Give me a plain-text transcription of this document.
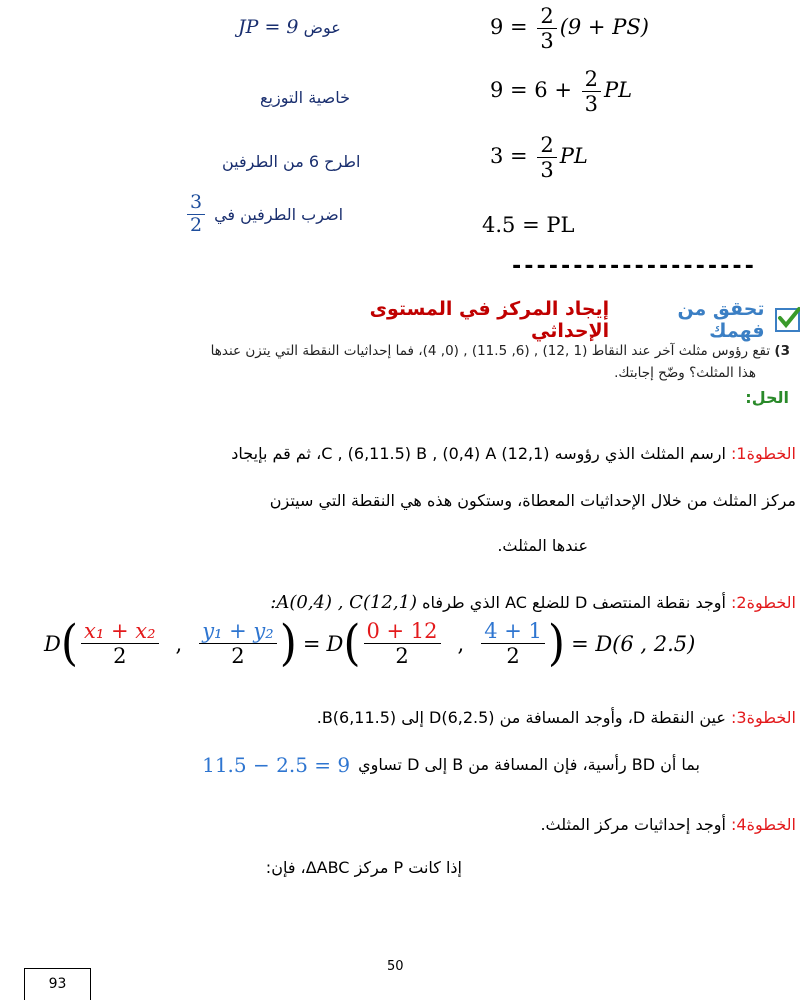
$9 = \frac{2}{3} (9 + PS)$
عوض JP = 9
$9 = 6 + \frac{2}{3}$ PL
خاصية التوزيع
$3 = \frac{2}{3}$ PL
اطرح 6 من الطرفين
4.5 = PL
$\frac{3}{2}$ اضرب الطرفين في
--------------------
تحقق من فهمك
إيجاد المركز في المستوى الإحداثي
3) تقع رؤوس مثلث آخر عند النقاط (1 ,12) , (6, 11.5) , (0, 4)، فما إحداثيات النقطة التي يتزن عندها
هذا المثلث؟ وضّح إجابتك.
الحل:
الخطوة1: ارسم المثلث الذي رؤوسه (12,1) C , (6,11.5) B , (0,4) A، ثم قم بإيجاد
مركز المثلث من خلال الإحداثيات المعطاة، وستكون هذه هي النقطة التي سيتزن
عندها المثلث.
الخطوة2: أوجد نقطة المنتصف D للضلع AC الذي طرفاه :A(0,4) , C(12,1)
D ( $\frac{\text{x₁ + x₂}}{2}$ , $\frac{\text{y₁ + y₂}}{2}$ ) = D ( $\frac{0 + 12}{2}$ , $\frac{4 + 1}{2}$ ) = D(6 , 2.5)
الخطوة3: عين النقطة D، وأوجد المسافة من D(6,2.5) إلى B(6,11.5).
بما أن BD رأسية، فإن المسافة من B إلى D تساوي
11.5 − 2.5 = 9
الخطوة4: أوجد إحداثيات مركز المثلث.
إذا كانت P مركز ΔABC، فإن:
50
93
